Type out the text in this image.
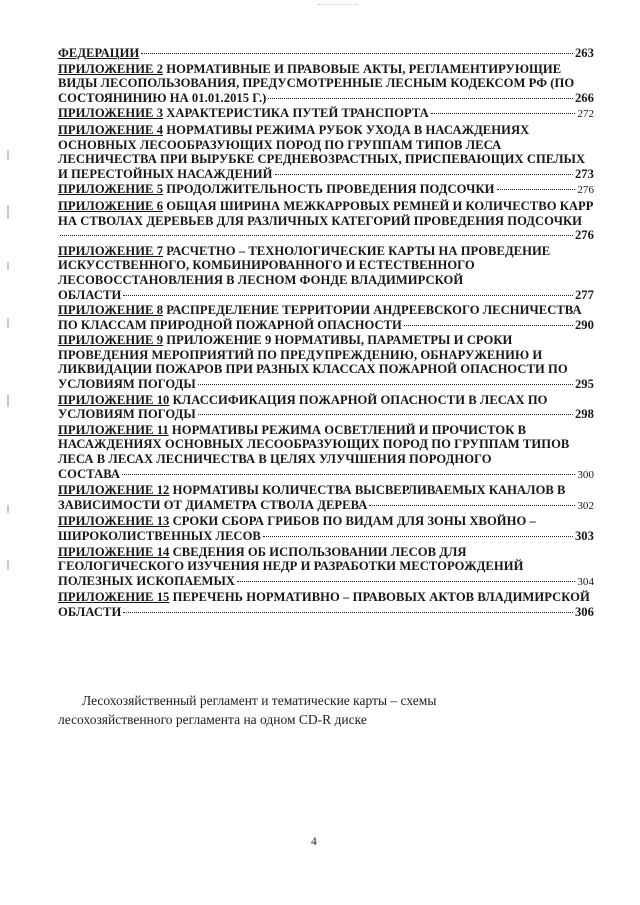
ФЕДЕРАЦИИ	263
ПРИЛОЖЕНИЕ 2 НОРМАТИВНЫЕ И ПРАВОВЫЕ АКТЫ, РЕГЛАМЕНТИРУЮЩИЕ
ВИДЫ ЛЕСОПОЛЬЗОВАНИЯ, ПРЕДУСМОТРЕННЫЕ ЛЕСНЫМ КОДЕКСОМ РФ (ПО
СОСТОЯНИНИЮ НА 01.01.2015 Г.)	266
ПРИЛОЖЕНИЕ 3 ХАРАКТЕРИСТИКА ПУТЕЙ ТРАНСПОРТА	272
ПРИЛОЖЕНИЕ 4 НОРМАТИВЫ РЕЖИМА РУБОК УХОДА В НАСАЖДЕНИЯХ
ОСНОВНЫХ ЛЕСООБРАЗУЮЩИХ ПОРОД ПО ГРУППАМ ТИПОВ ЛЕСА
ЛЕСНИЧЕСТВА ПРИ ВЫРУБКЕ СРЕДНЕВОЗРАСТНЫХ, ПРИСПЕВАЮЩИХ СПЕЛЫХ
И ПЕРЕСТОЙНЫХ НАСАЖДЕНИЙ	273
ПРИЛОЖЕНИЕ 5 ПРОДОЛЖИТЕЛЬНОСТЬ ПРОВЕДЕНИЯ ПОДСОЧКИ	276
ПРИЛОЖЕНИЕ 6 ОБЩАЯ ШИРИНА МЕЖКАРРОВЫХ РЕМНЕЙ И КОЛИЧЕСТВО КАРР
НА СТВОЛАХ ДЕРЕВЬЕВ ДЛЯ РАЗЛИЧНЫХ КАТЕГОРИЙ ПРОВЕДЕНИЯ ПОДСОЧКИ
276
ПРИЛОЖЕНИЕ 7 РАСЧЕТНО – ТЕХНОЛОГИЧЕСКИЕ КАРТЫ НА ПРОВЕДЕНИЕ
ИСКУССТВЕННОГО, КОМБИНИРОВАННОГО И ЕСТЕСТВЕННОГО
ЛЕСОВОССТАНОВЛЕНИЯ В ЛЕСНОМ ФОНДЕ ВЛАДИМИРСКОЙ
ОБЛАСТИ	277
ПРИЛОЖЕНИЕ 8 РАСПРЕДЕЛЕНИЕ ТЕРРИТОРИИ АНДРЕЕВСКОГО ЛЕСНИЧЕСТВА
ПО КЛАССАМ ПРИРОДНОЙ ПОЖАРНОЙ ОПАСНОСТИ	290
ПРИЛОЖЕНИЕ 9 ПРИЛОЖЕНИЕ 9 НОРМАТИВЫ, ПАРАМЕТРЫ И СРОКИ
ПРОВЕДЕНИЯ МЕРОПРИЯТИЙ ПО ПРЕДУПРЕЖДЕНИЮ, ОБНАРУЖЕНИЮ И
ЛИКВИДАЦИИ ПОЖАРОВ ПРИ РАЗНЫХ КЛАССАХ ПОЖАРНОЙ ОПАСНОСТИ ПО
УСЛОВИЯМ ПОГОДЫ	295
ПРИЛОЖЕНИЕ 10 КЛАССИФИКАЦИЯ ПОЖАРНОЙ ОПАСНОСТИ В ЛЕСАХ ПО
УСЛОВИЯМ ПОГОДЫ	298
ПРИЛОЖЕНИЕ 11 НОРМАТИВЫ РЕЖИМА ОСВЕТЛЕНИЙ И ПРОЧИСТОК В
НАСАЖДЕНИЯХ ОСНОВНЫХ ЛЕСООБРАЗУЮЩИХ ПОРОД ПО ГРУППАМ ТИПОВ
ЛЕСА В ЛЕСАХ ЛЕСНИЧЕСТВА В ЦЕЛЯХ УЛУЧШЕНИЯ ПОРОДНОГО
СОСТАВА	300
ПРИЛОЖЕНИЕ 12 НОРМАТИВЫ КОЛИЧЕСТВА ВЫСВЕРЛИВАЕМЫХ КАНАЛОВ В
ЗАВИСИМОСТИ ОТ ДИАМЕТРА СТВОЛА ДЕРЕВА	302
ПРИЛОЖЕНИЕ 13 СРОКИ СБОРА ГРИБОВ ПО ВИДАМ ДЛЯ ЗОНЫ ХВОЙНО –
ШИРОКОЛИСТВЕННЫХ ЛЕСОВ	303
ПРИЛОЖЕНИЕ 14 СВЕДЕНИЯ ОБ ИСПОЛЬЗОВАНИИ ЛЕСОВ ДЛЯ
ГЕОЛОГИЧЕСКОГО ИЗУЧЕНИЯ НЕДР И РАЗРАБОТКИ МЕСТОРОЖДЕНИЙ
ПОЛЕЗНЫХ ИСКОПАЕМЫХ	304
ПРИЛОЖЕНИЕ 15 ПЕРЕЧЕНЬ НОРМАТИВНО – ПРАВОВЫХ АКТОВ ВЛАДИМИРСКОЙ
ОБЛАСТИ	306
Лесохозяйственный регламент и тематические карты – схемы
лесохозяйственного регламента на одном CD-R диске
4
